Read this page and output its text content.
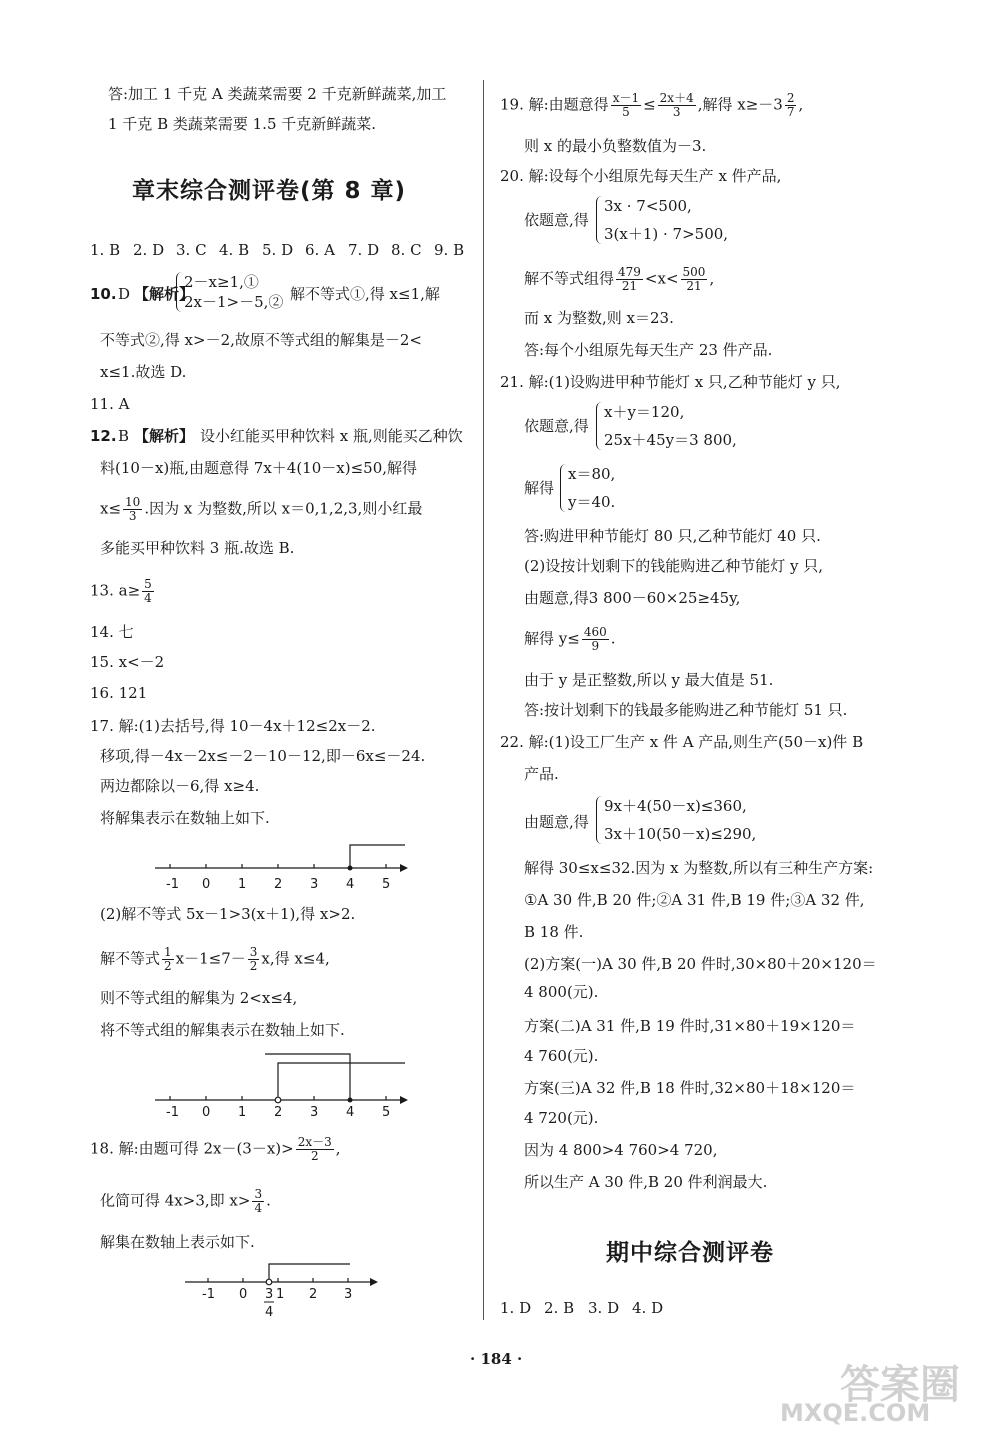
答:加工 1 千克 A 类蔬菜需要 2 千克新鲜蔬菜,加工
1 千克 B 类蔬菜需要 1.5 千克新鲜蔬菜.
章末综合测评卷(第 8 章)
1. B 2. D 3. C 4. B 5. D 6. A 7. D 8. C 9. B
10. D 【解析】
2－x≥1,①
2x－1>－5,② 解不等式①,得 x≤1,解
不等式②,得 x>－2,故原不等式组的解集是－2<
x≤1.故选 D.
11. A
12. B 【解析】 设小红能买甲种饮料 x 瓶,则能买乙种饮
料(10－x)瓶,由题意得 7x＋4(10－x)≤50,解得
$x\le \frac{10}{3}$ .因为 x 为整数,所以 x＝0,1,2,3,则小红最
多能买甲种饮料 3 瓶.故选 B.
13. $a\ge \frac{5}{4}$
14. 七
15. x<－2
16. 121
17. 解:(1)去括号,得 10－4x＋12≤2x－2.
移项,得－4x－2x≤－2－10－12,即－6x≤－24.
两边都除以－6,得 x≥4.
将解集表示在数轴上如下.
-1 0 1 2 3 4 5
(2)解不等式 5x－1>3(x＋1),得 x>2.
解不等式 $\frac{1}{2} x-1\le 7- \frac{3}{2} x$,得 x≤4,
则不等式组的解集为 2<x≤4,
将不等式组的解集表示在数轴上如下.
-1 0 1 2 3 4 5
18. 解:由题可得 $2x-(3-x)> \frac{2x-3}{2}$ ,
化简可得 4x>3,即 $x> \frac{3}{4}$ .
解集在数轴上表示如下.
-1 0 3 1 2 3
4
19. 解:由题意得 $\frac{x-1}{5} \le \frac{2x+4}{3}$ ,解得 $x\ge-3 \frac{2}{7}$ ,
则 x 的最小负整数值为－3.
20. 解:设每个小组原先每天生产 x 件产品,
依题意,得
3x · 7<500,
3(x＋1) · 7>500,
解不等式组得 $\frac{479}{21} <x< \frac{500}{21}$ ,
而 x 为整数,则 x＝23.
答:每个小组原先每天生产 23 件产品.
21. 解:(1)设购进甲种节能灯 x 只,乙种节能灯 y 只,
依题意,得
x＋y＝120,
25x＋45y＝3 800,
解得
x＝80,
y＝40.
答:购进甲种节能灯 80 只,乙种节能灯 40 只.
(2)设按计划剩下的钱能购进乙种节能灯 y 只,
由题意,得3 800－60×25≥45y,
解得 $y\le \frac{460}{9}$ .
由于 y 是正整数,所以 y 最大值是 51.
答:按计划剩下的钱最多能购进乙种节能灯 51 只.
22. 解:(1)设工厂生产 x 件 A 产品,则生产(50－x)件 B
产品.
由题意,得
9x＋4(50－x)≤360,
3x＋10(50－x)≤290,
解得 30≤x≤32.因为 x 为整数,所以有三种生产方案:
①A 30 件,B 20 件;②A 31 件,B 19 件;③A 32 件,
B 18 件.
(2)方案(一)A 30 件,B 20 件时,30×80＋20×120＝
4 800(元).
方案(二)A 31 件,B 19 件时,31×80＋19×120＝
4 760(元).
方案(三)A 32 件,B 18 件时,32×80＋18×120＝
4 720(元).
因为 4 800>4 760>4 720,
所以生产 A 30 件,B 20 件利润最大.
期中综合测评卷
1. D 2. B 3. D 4. D
· 184 ·
答案圈
MXQE.COM
